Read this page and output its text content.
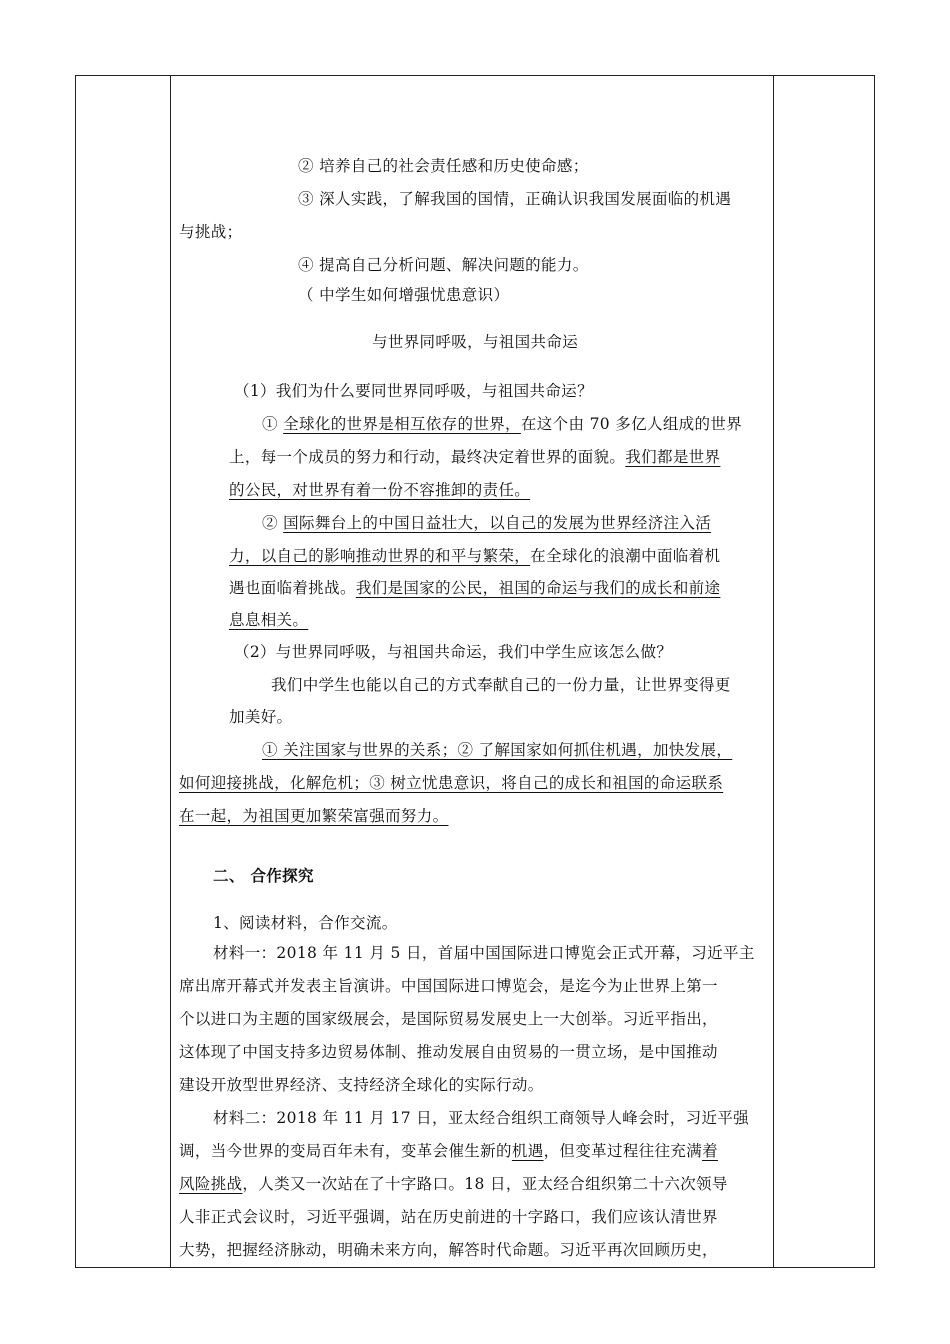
② 培养自己的社会责任感和历史使命感；
③ 深人实践，了解我国的国情，正确认识我国发展面临的机遇
与挑战；
④ 提高自己分析问题、解决问题的能力。
（ 中学生如何增强忧患意识）
与世界同呼吸，与祖国共命运
（1）我们为什么要同世界同呼吸，与祖国共命运？
① 全球化的世界是相互依存的世界，在这个由 70 多亿人组成的世界
上，每一个成员的努力和行动，最终决定着世界的面貌。我们都是世界
的公民，对世界有着一份不容推卸的责任。
② 国际舞台上的中国日益壮大，以自己的发展为世界经济注入活
力，以自己的影响推动世界的和平与繁荣，在全球化的浪潮中面临着机
遇也面临着挑战。我们是国家的公民，祖国的命运与我们的成长和前途
息息相关。
（2）与世界同呼吸，与祖国共命运，我们中学生应该怎么做？
我们中学生也能以自己的方式奉献自己的一份力量，让世界变得更
加美好。
① 关注国家与世界的关系；② 了解国家如何抓住机遇，加快发展，
如何迎接挑战，化解危机；③ 树立忧患意识，将自己的成长和祖国的命运联系
在一起，为祖国更加繁荣富强而努力。
二、 合作探究
1、阅读材料，合作交流。
材料一：2018 年 11 月 5 日，首届中国国际进口博览会正式开幕，习近平主
席出席开幕式并发表主旨演讲。中国国际进口博览会，是迄今为止世界上第一
个以进口为主题的国家级展会，是国际贸易发展史上一大创举。习近平指出，
这体现了中国支持多边贸易体制、推动发展自由贸易的一贯立场，是中国推动
建设开放型世界经济、支持经济全球化的实际行动。
材料二：2018 年 11 月 17 日，亚太经合组织工商领导人峰会时，习近平强
调，当今世界的变局百年未有，变革会催生新的机遇，但变革过程往往充满着
风险挑战，人类又一次站在了十字路口。18 日，亚太经合组织第二十六次领导
人非正式会议时，习近平强调，站在历史前进的十字路口，我们应该认清世界
大势，把握经济脉动，明确未来方向，解答时代命题。习近平再次回顾历史，
